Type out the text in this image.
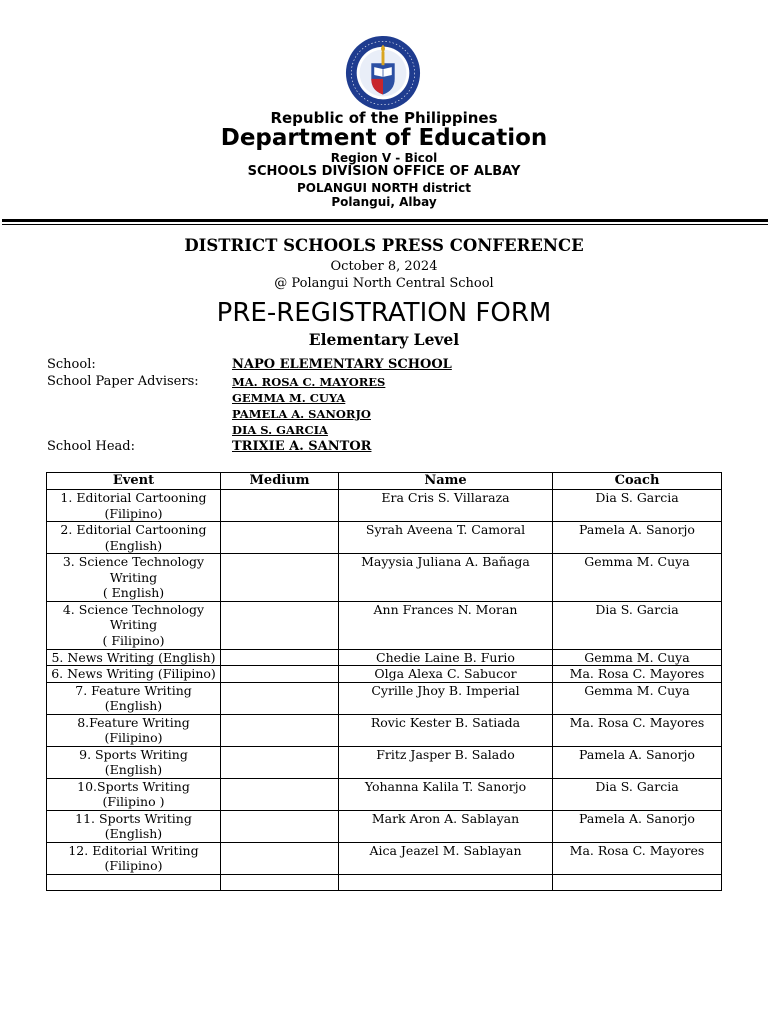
Republic of the Philippines
Department of Education
Region V - Bicol
SCHOOLS DIVISION OFFICE OF ALBAY
POLANGUI NORTH district
Polangui, Albay
DISTRICT SCHOOLS PRESS CONFERENCE
October 8, 2024
@ Polangui North Central School
PRE-REGISTRATION FORM
Elementary Level
School:	NAPO ELEMENTARY SCHOOL
School Paper Advisers:	MA. ROSA C. MAYORES
GEMMA M. CUYA
PAMELA A. SANORJO
DIA S. GARCIA
School Head:	TRIXIE A. SANTOR
Event	Medium	Name	Coach
1. Editorial Cartooning
(Filipino)		Era Cris S. Villaraza	Dia S. Garcia
2. Editorial Cartooning
(English)		Syrah Aveena T. Camoral	Pamela A. Sanorjo
3. Science Technology
Writing
( English)		Mayysia Juliana A. Bañaga	Gemma M. Cuya
4. Science Technology
Writing
( Filipino)		Ann Frances N. Moran	Dia S. Garcia
5. News Writing (English)		Chedie Laine B. Furio	Gemma M. Cuya
6. News Writing (Filipino)		Olga Alexa C. Sabucor	Ma. Rosa C. Mayores
7. Feature Writing
(English)		Cyrille Jhoy B. Imperial	Gemma M. Cuya
8.Feature Writing
(Filipino)		Rovic Kester B. Satiada	Ma. Rosa C. Mayores
9. Sports Writing
(English)		Fritz Jasper B. Salado	Pamela A. Sanorjo
10.Sports Writing
(Filipino )		Yohanna Kalila T. Sanorjo	Dia S. Garcia
11. Sports Writing
(English)		Mark Aron A. Sablayan	Pamela A. Sanorjo
12. Editorial Writing
(Filipino)		Aica Jeazel M. Sablayan	Ma. Rosa C. Mayores
